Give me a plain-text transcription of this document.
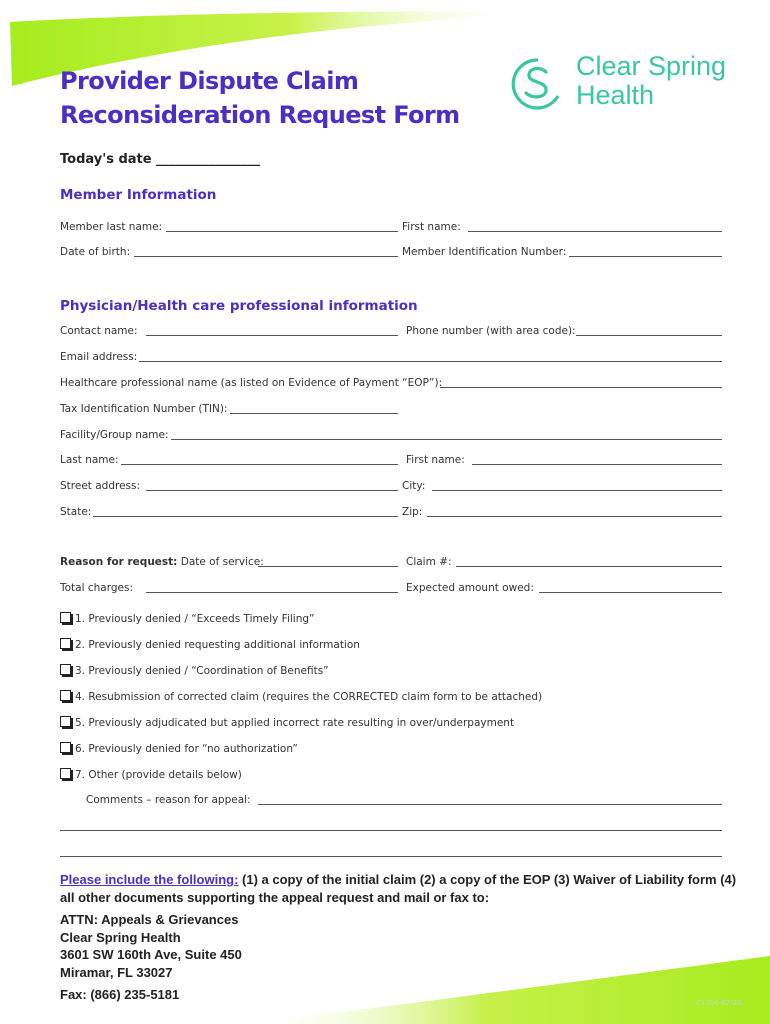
Provider Dispute Claim
Reconsideration Request Form
Clear Spring
Health
Today's date ________________
Member Information
Member last name:	First name:
Date of birth:	Member Identification Number:
Physician/Health care professional information
Contact name:	Phone number (with area code):
Email address:
Healthcare professional name (as listed on Evidence of Payment “EOP”):
Tax Identification Number (TIN):
Facility/Group name:
Last name:	First name:
Street address:	City:
State:	Zip:
Reason for request: Date of service:	Claim #:
Total charges:	Expected amount owed:
1. Previously denied / “Exceeds Timely Filing”
2. Previously denied requesting additional information
3. Previously denied / “Coordination of Benefits”
4. Resubmission of corrected claim (requires the CORRECTED claim form to be attached)
5. Previously adjudicated but applied incorrect rate resulting in over/underpayment
6. Previously denied for “no authorization”
7. Other (provide details below)
Comments – reason for appeal:
Please include the following: (1) a copy of the initial claim (2) a copy of the EOP (3) Waiver of Liability form (4) all other documents supporting the appeal request and mail or fax to:
ATTN: Appeals & Grievances
Clear Spring Health
3601 SW 160th Ave, Suite 450
Miramar, FL 33027
Fax: (866) 235-5181
C1706-07/20
